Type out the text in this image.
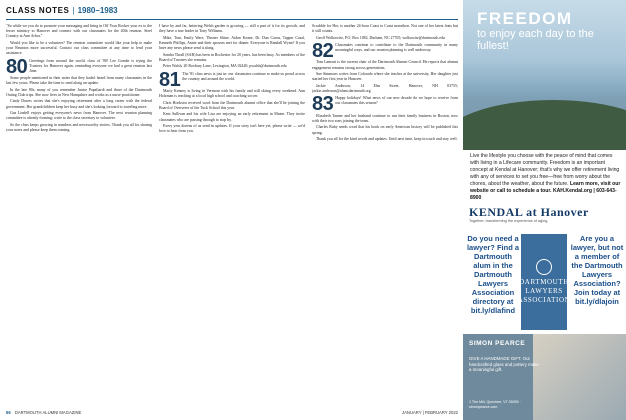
CLASS NOTES | 1980–1983

"So while we you do to promote your messaging and bring in Off Your Rocker your ex to the lesser ministry to Hanover and connect with our classmates for the 40th reunion. Steel Country at Ann Arbor."

Would you like to be a volunteer? The reunion committee would like your help to make your Reunion more successful. Contact our class committee at any time to lend your assistance.

80 Greetings from around the world, class of '80! Lee Gombe is trying the Trustees for Hanover again, reminding everyone we had a great reunion last June.

Some people mentioned in their notes that they hadn't heard from many classmates in the last few years. Please take the time to send along an update.

In the late 80s, many of you remember Janice Papaliardi and those of the Dartmouth Outing Club trips. She now lives in New Hampshire and works as a nurse practitioner.

Cindy Dawes writes that she's enjoying retirement after a long career with the federal government. Her grandchildren keep her busy and she's looking forward to traveling more.

Gus Lindell enjoys getting everyone's news from Hanover. The next reunion planning committee is already forming; write to the class secretary to volunteer.

So the class keeps growing in numbers and newsworthy stories. Thank you all for sharing your notes and please keep them coming.

I have by and far, bettering Welsh garden is growing — still a part of it for its growth, and they have a true leader in Tony Williams.

Mike, Tom, Emily Ware, Theater Shine, Aidan Keane, Dr. Dan Caron, Tapper Casal, Kenneth Phillips, Annie and their spouses met for dinner. Everyone is Randall Wynn? If you have any news please send it along.

Sandra Thrall (SAR) has been in Rochester for 20 years, has been busy. As members of the Board of Trustees she remains.

Peter Walsh, 20 Roxbury Lane, Lexington, MA 02420; pwalsh@dartmouth.edu

81 The '81 class news is just in: our classmates continue to make us proud across the country and around the world.

Marty Kenney is living in Vermont with his family and still skiing every weekend. Ann Holzman is teaching at a local high school and coaching soccer.

Chris Hoekstra received word from the Dartmouth alumni office that she'll be joining the Board of Overseers of the Tuck School this year.

Kent Sullivan and his wife Lisa are enjoying an early retirement in Maine. They invite classmates who are passing through to stop by.

Every year dozens of us send in updates. If your story isn't here yet, please write — we'd love to hear from you.

Scrabble for Her, is another 24-hour Coast to Coast marathon. Not one of her latest feats but it still counts.

Geoff Wolkowitz, P.O. Box 1082, Durham, NC 27705; wolkowitz@dartmouth.edu

82 Classmates continue to contribute to the Dartmouth community in many meaningful ways, and our reunion planning is well underway.

Tom Lamont is the current chair of the Dartmouth Alumni Council. He reports that alumni engagement remains strong across generations.

Sue Simmons writes from Colorado where she teaches at the university. Her daughter just started her first year in Hanover.

Jackie Anderson, 14 Elm Street, Hanover, NH 03755; jackie.anderson@alum.dartmouth.org

83 Happy holidays! What news of our new decade do we hope to receive from our classmates this season?

Elizabeth Tanner and her husband continue to run their family business in Boston, now with their two sons joining the team.

Charles Ruby sends word that his book on early American history will be published this spring.

Thank you all for the kind words and updates. Until next time, keep in touch and stay well.

66 DARTMOUTH ALUMNI MAGAZINE	JANUARY | FEBRUARY 2022
FREEDOM
to enjoy each day to the fullest!
Live the lifestyle you choose with the peace of mind that comes with living in a Lifecare community. Freedom is an important concept at Kendal at Hanover; that's why we offer retirement living with any of services to set you free—free from worry about the chores, about the weather, about the future. Learn more, visit our website or call to schedule a tour. KAH.Kendal.org | 603-643-8900
KENDAL at Hanover
Together, transforming the experience of aging.
Do you need a lawyer? Find a Dartmouth alum in the Dartmouth Lawyers Association directory at bit.ly/dlafind
DARTMOUTH LAWYERS ASSOCIATION
Are you a lawyer, but not a member of the Dartmouth Lawyers Association? Join today at bit.ly/dlajoin
SIMON PEARCE
GIVE A HANDMADE GIFT. Our handcrafted glass and pottery make a meaningful gift.
1 The Mill, Quechee, VT 05059 · simonpearce.com
